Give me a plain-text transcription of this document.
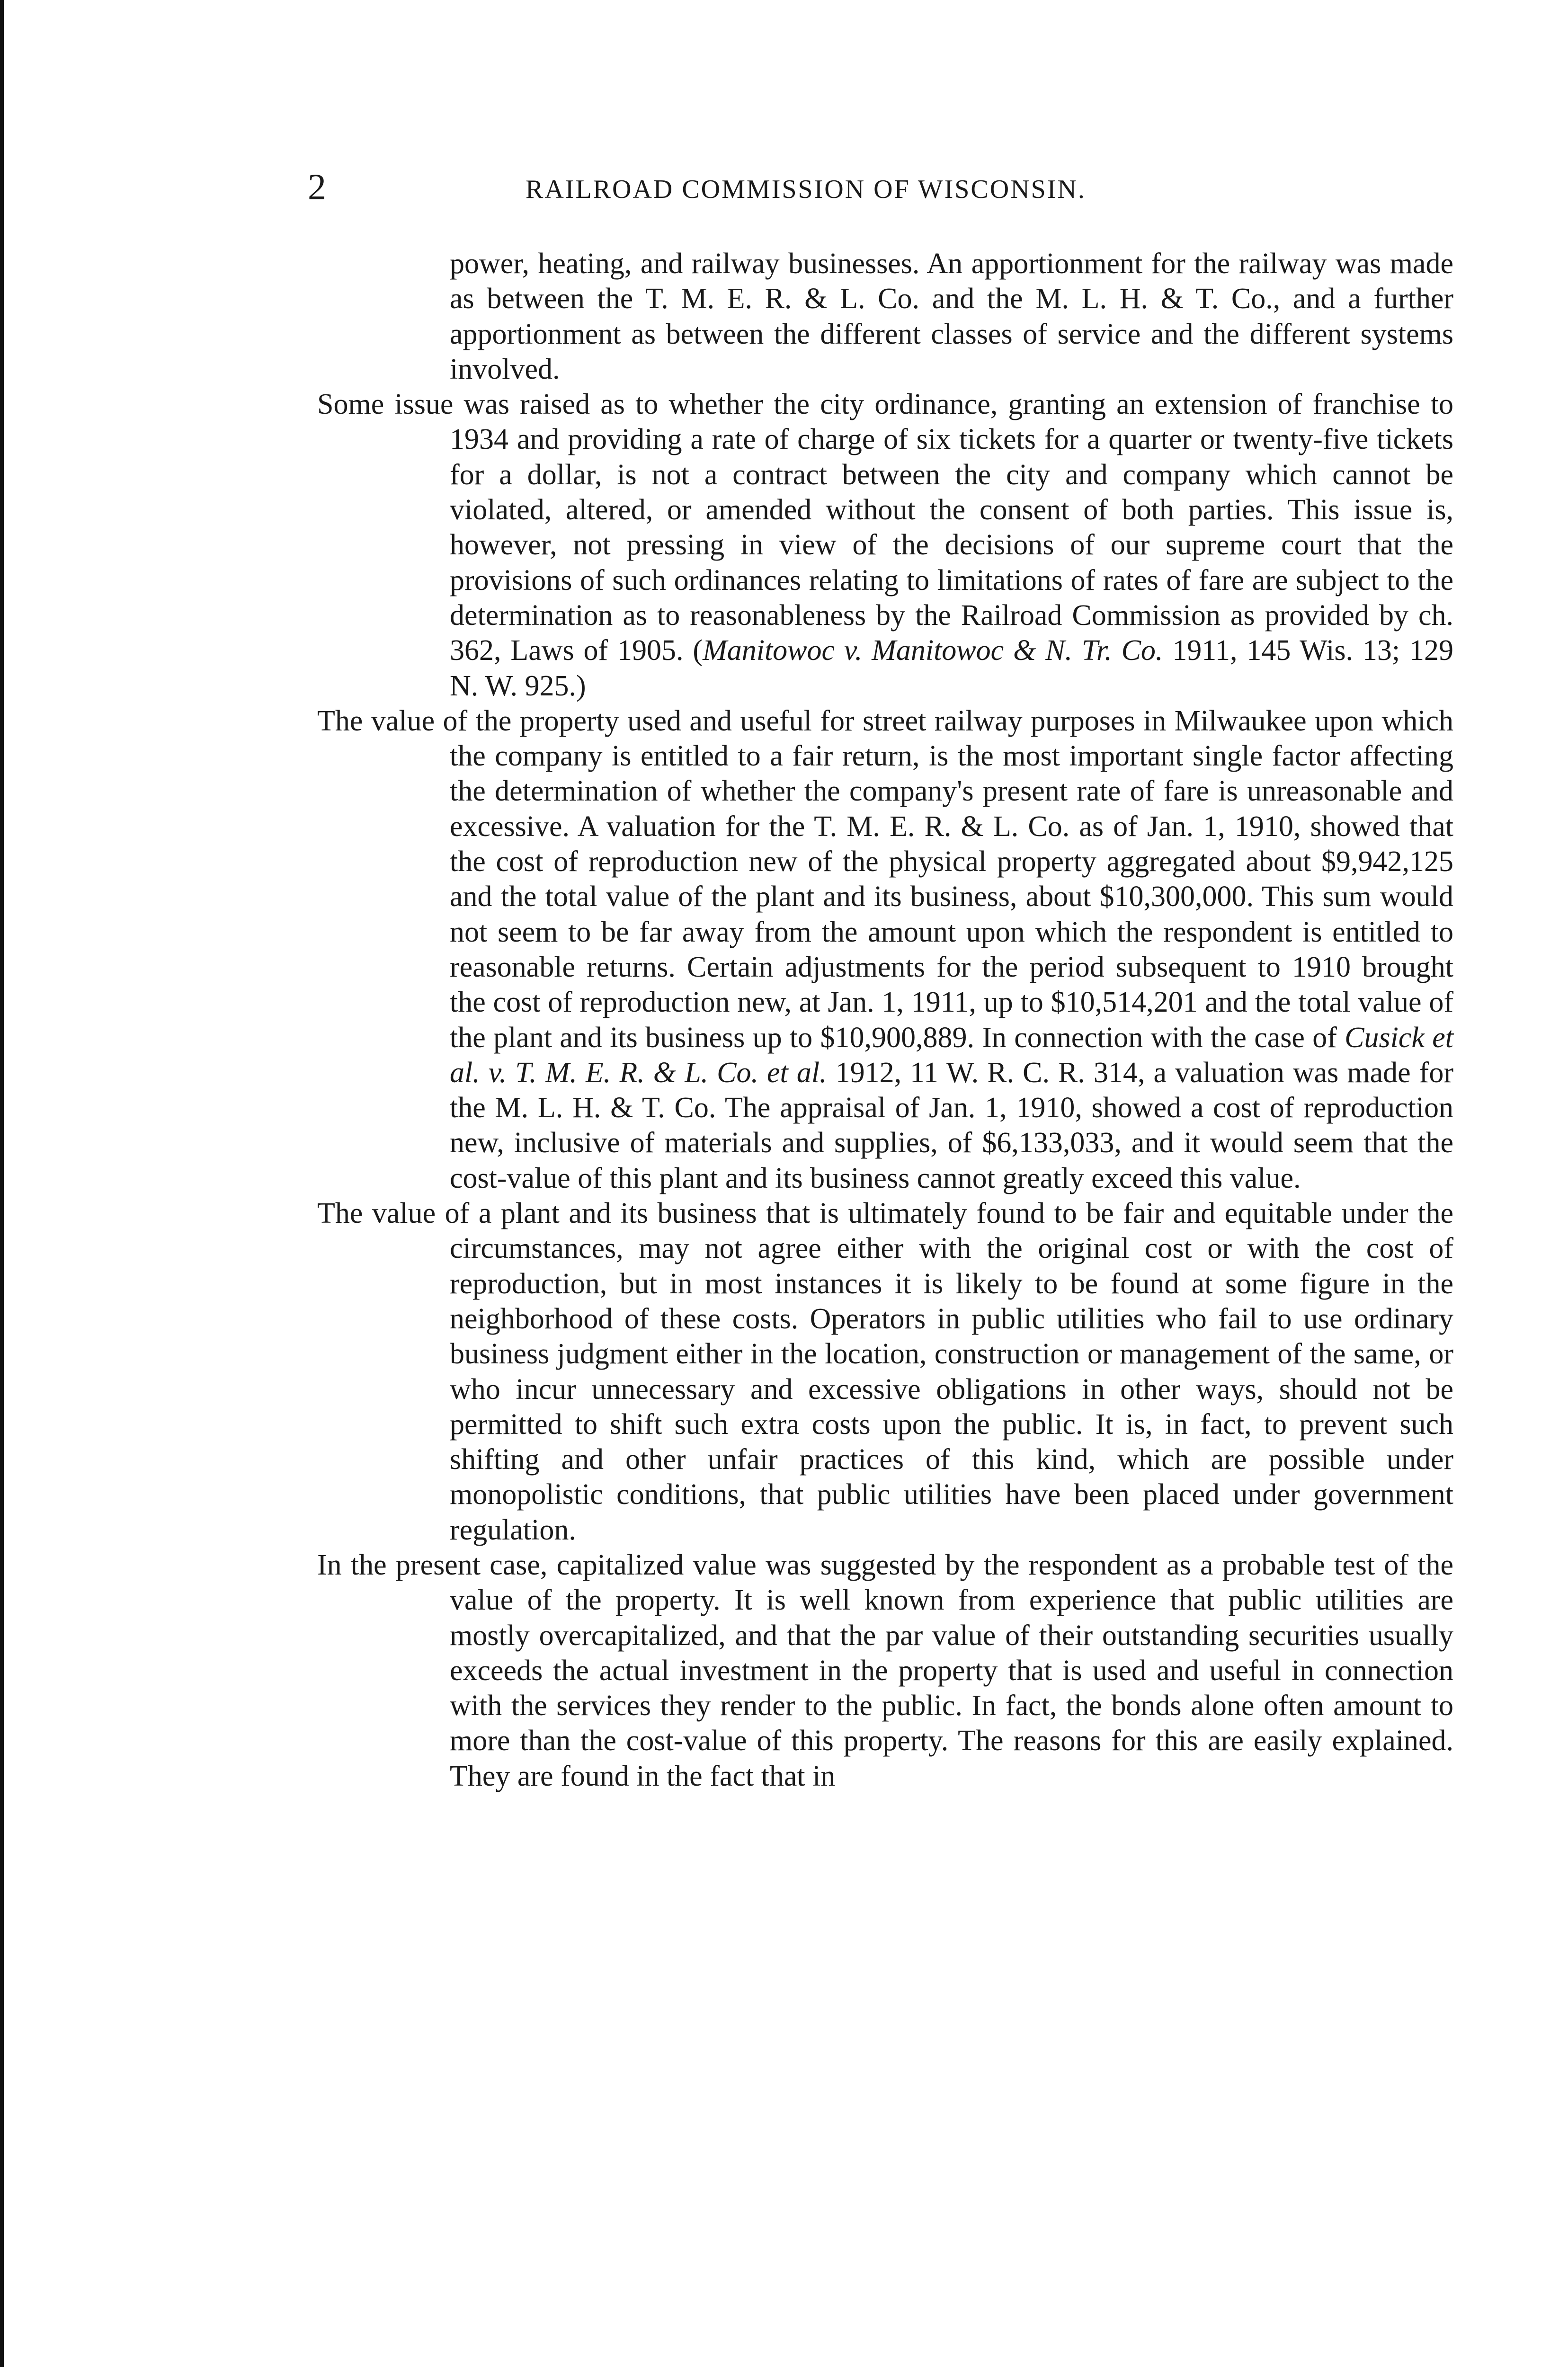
2	RAILROAD COMMISSION OF WISCONSIN.

power, heating, and railway businesses. An apportionment for the railway was made as between the T. M. E. R. & L. Co. and the M. L. H. & T. Co., and a further apportionment as between the different classes of service and the different systems involved.

Some issue was raised as to whether the city ordinance, granting an extension of franchise to 1934 and providing a rate of charge of six tickets for a quarter or twenty-five tickets for a dollar, is not a contract between the city and company which cannot be violated, altered, or amended without the consent of both parties. This issue is, however, not pressing in view of the decisions of our supreme court that the provisions of such ordinances relating to limitations of rates of fare are subject to the determination as to reasonableness by the Railroad Commission as provided by ch. 362, Laws of 1905. (Manitowoc v. Manitowoc & N. Tr. Co. 1911, 145 Wis. 13; 129 N. W. 925.)

The value of the property used and useful for street railway purposes in Milwaukee upon which the company is entitled to a fair return, is the most important single factor affecting the determination of whether the company's present rate of fare is unreasonable and excessive. A valuation for the T. M. E. R. & L. Co. as of Jan. 1, 1910, showed that the cost of reproduction new of the physical property aggregated about $9,942,125 and the total value of the plant and its business, about $10,300,000. This sum would not seem to be far away from the amount upon which the respondent is entitled to reasonable returns. Certain adjustments for the period subsequent to 1910 brought the cost of reproduction new, at Jan. 1, 1911, up to $10,514,201 and the total value of the plant and its business up to $10,900,889. In connection with the case of Cusick et al. v. T. M. E. R. & L. Co. et al. 1912, 11 W. R. C. R. 314, a valuation was made for the M. L. H. & T. Co. The appraisal of Jan. 1, 1910, showed a cost of reproduction new, inclusive of materials and supplies, of $6,133,033, and it would seem that the cost-value of this plant and its business cannot greatly exceed this value.

The value of a plant and its business that is ultimately found to be fair and equitable under the circumstances, may not agree either with the original cost or with the cost of reproduction, but in most instances it is likely to be found at some figure in the neighborhood of these costs. Operators in public utilities who fail to use ordinary business judgment either in the location, construction or management of the same, or who incur unnecessary and excessive obligations in other ways, should not be permitted to shift such extra costs upon the public. It is, in fact, to prevent such shifting and other unfair practices of this kind, which are possible under monopolistic conditions, that public utilities have been placed under government regulation.

In the present case, capitalized value was suggested by the respondent as a probable test of the value of the property. It is well known from experience that public utilities are mostly overcapitalized, and that the par value of their outstanding securities usually exceeds the actual investment in the property that is used and useful in connection with the services they render to the public. In fact, the bonds alone often amount to more than the cost-value of this property. The reasons for this are easily explained. They are found in the fact that in
